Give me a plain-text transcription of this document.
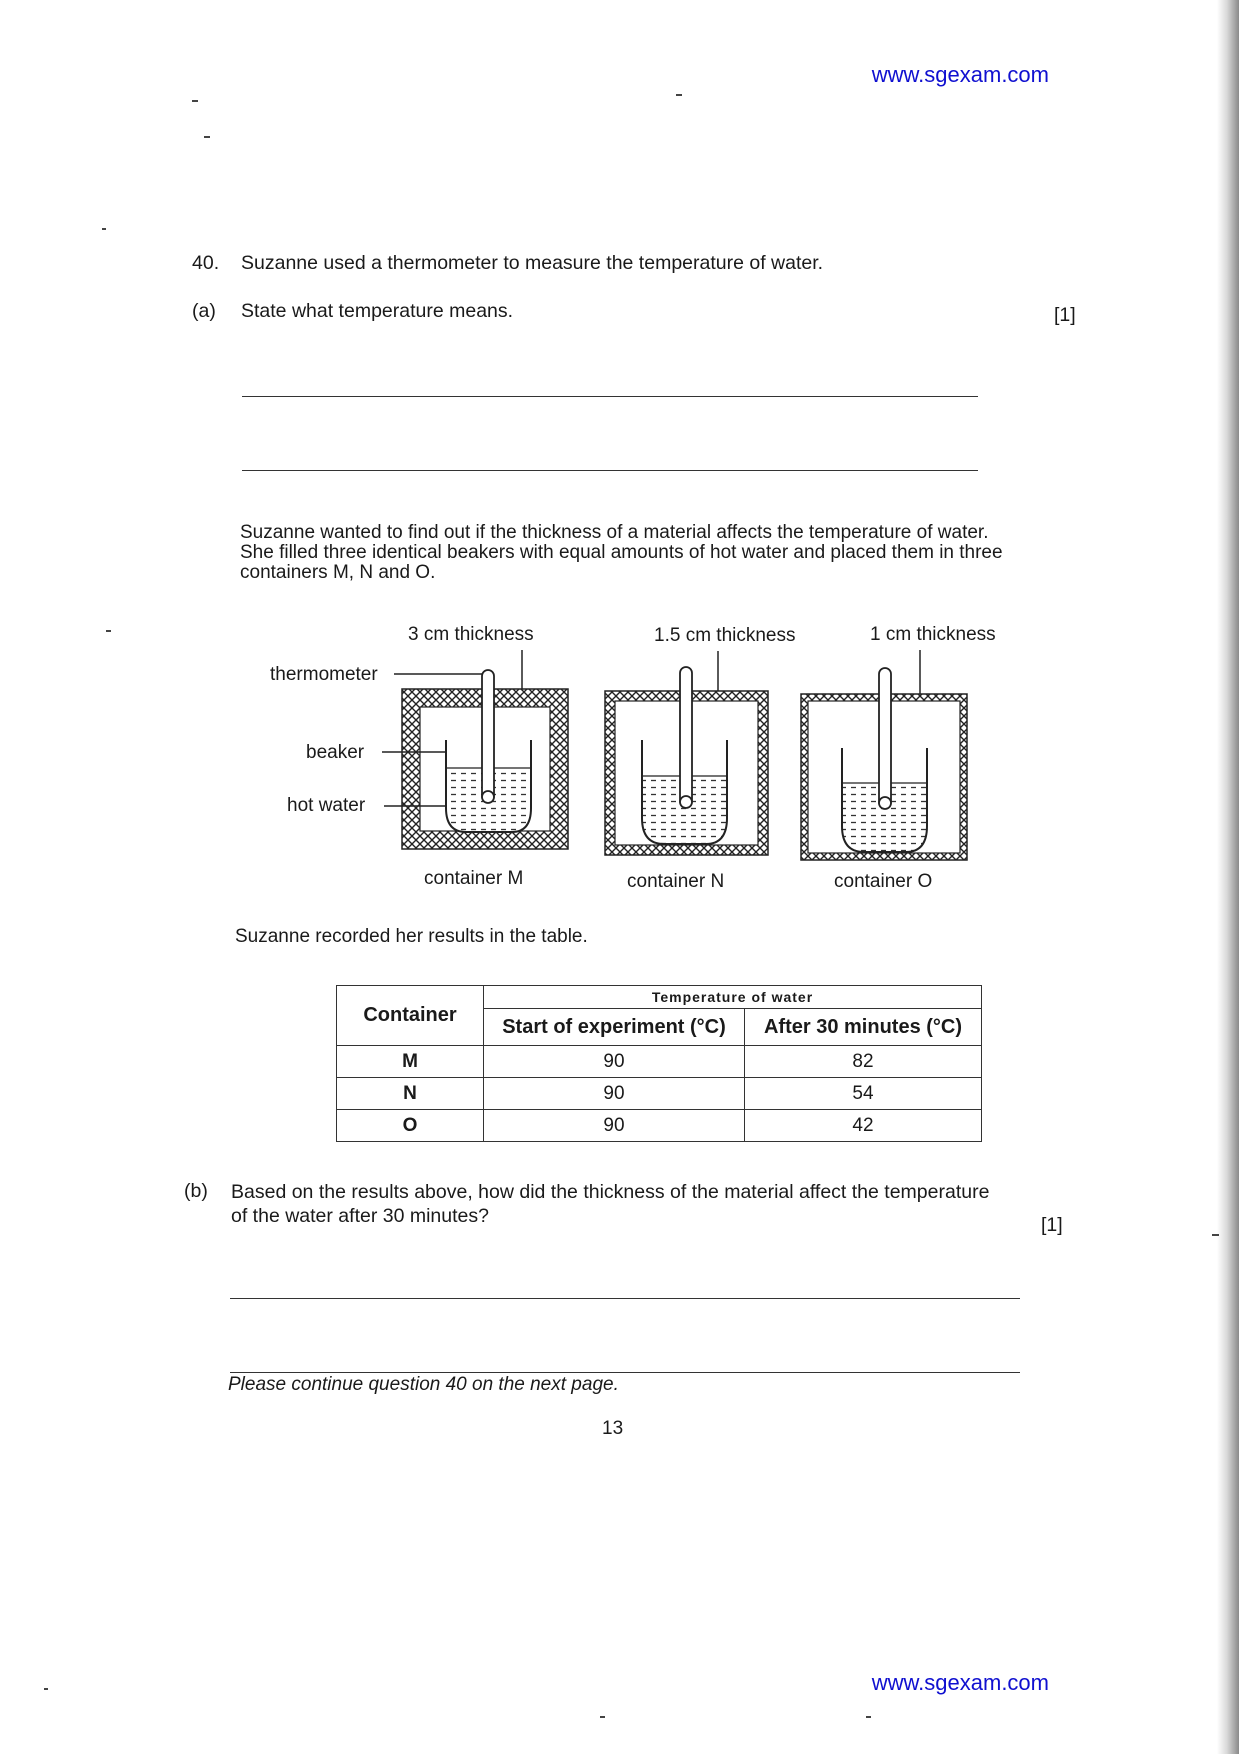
www.sgexam.com
40. Suzanne used a thermometer to measure the temperature of water.
(a) State what temperature means.	[1]
Suzanne wanted to find out if the thickness of a material affects the temperature of water. She filled three identical beakers with equal amounts of hot water and placed them in three containers M, N and O.
3 cm thickness	1.5 cm thickness	1 cm thickness
thermometer
beaker
hot water
container M	container N	container O
Suzanne recorded her results in the table.
Container	Temperature of water	
	Start of experiment (°C)	After 30 minutes (°C)
M	90	82
N	90	54
O	90	42
(b) Based on the results above, how did the thickness of the material affect the temperature of the water after 30 minutes?	[1]
Please continue question 40 on the next page.
13
www.sgexam.com
